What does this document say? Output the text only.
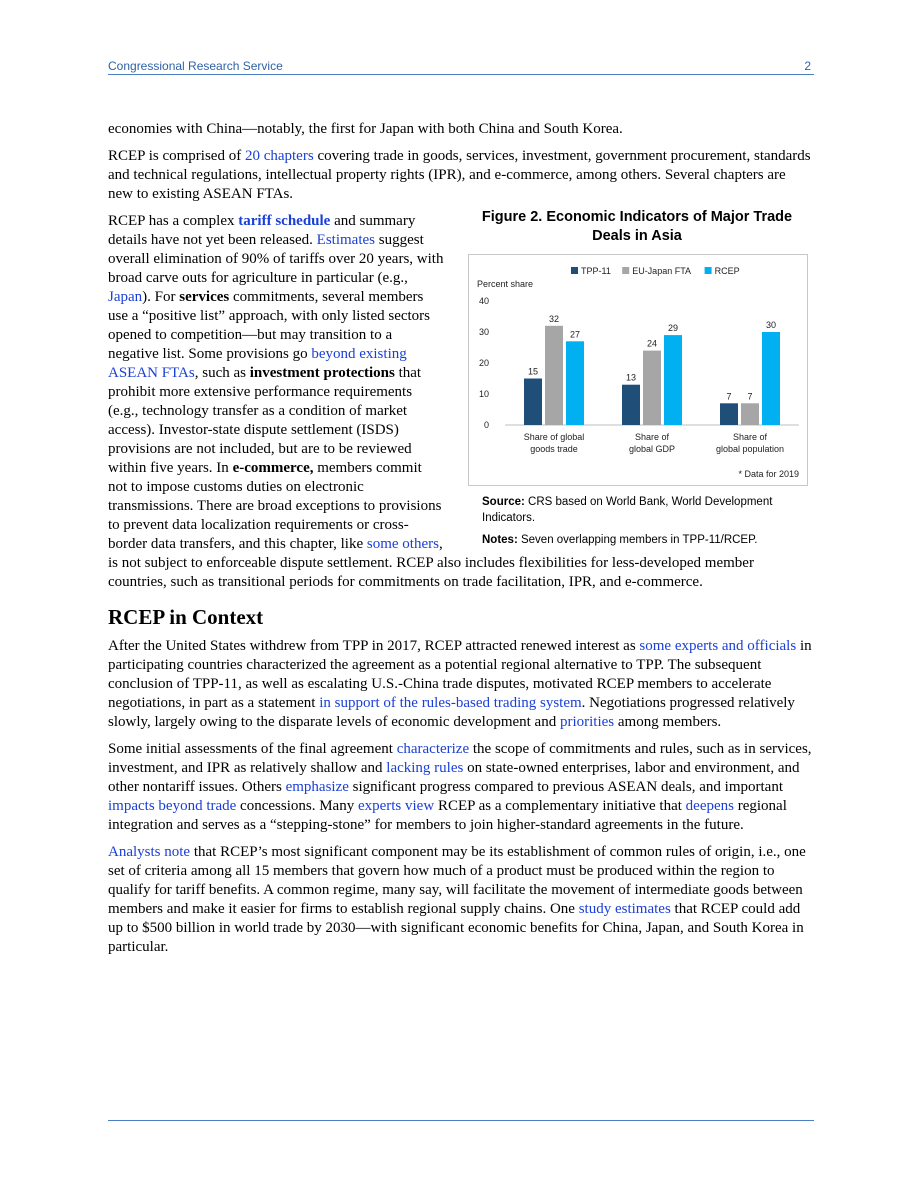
Congressional Research Service	2

economies with China—notably, the first for Japan with both China and South Korea.

RCEP is comprised of 20 chapters covering trade in goods, services, investment, government procurement, standards and technical regulations, intellectual property rights (IPR), and e-commerce, among others. Several chapters are new to existing ASEAN FTAs.

Figure 2. Economic Indicators of Major Trade Deals in Asia
TPP-11 EU-Japan FTA	RCEP
Percent share
0
10
20
30
40
15
32
27
Share of global
goods trade
13
24
29
Share of
global GDP
7 7
30
Share of
global population
* Data for 2019
Source: CRS based on World Bank, World Development Indicators.
Notes: Seven overlapping members in TPP-11/RCEP.

RCEP has a complex tariff schedule and summary details have not yet been released. Estimates suggest overall elimination of 90% of tariffs over 20 years, with broad carve outs for agriculture in particular (e.g., Japan). For services commitments, several members use a “positive list” approach, with only listed sectors opened to competition—but may transition to a negative list. Some provisions go beyond existing ASEAN FTAs, such as investment protections that prohibit more extensive performance requirements (e.g., technology transfer as a condition of market access). Investor-state dispute settlement (ISDS) provisions are not included, but are to be reviewed within five years. In e-commerce, members commit not to impose customs duties on electronic transmissions. There are broad exceptions to provisions to prevent data localization requirements or cross-border data transfers, and this chapter, like some others, is not subject to enforceable dispute settlement. RCEP also includes flexibilities for less-developed member countries, such as transitional periods for commitments on trade facilitation, IPR, and e-commerce.

RCEP in Context

After the United States withdrew from TPP in 2017, RCEP attracted renewed interest as some experts and officials in participating countries characterized the agreement as a potential regional alternative to TPP. The subsequent conclusion of TPP-11, as well as escalating U.S.-China trade disputes, motivated RCEP members to accelerate negotiations, in part as a statement in support of the rules-based trading system. Negotiations progressed relatively slowly, largely owing to the disparate levels of economic development and priorities among members.

Some initial assessments of the final agreement characterize the scope of commitments and rules, such as in services, investment, and IPR as relatively shallow and lacking rules on state-owned enterprises, labor and environment, and other nontariff issues. Others emphasize significant progress compared to previous ASEAN deals, and important impacts beyond trade concessions. Many experts view RCEP as a complementary initiative that deepens regional integration and serves as a “stepping-stone” for members to join higher-standard agreements in the future.

Analysts note that RCEP’s most significant component may be its establishment of common rules of origin, i.e., one set of criteria among all 15 members that govern how much of a product must be produced within the region to qualify for tariff benefits. A common regime, many say, will facilitate the movement of intermediate goods between members and make it easier for firms to establish regional supply chains. One study estimates that RCEP could add up to $500 billion in world trade by 2030—with significant economic benefits for China, Japan, and South Korea in particular.
